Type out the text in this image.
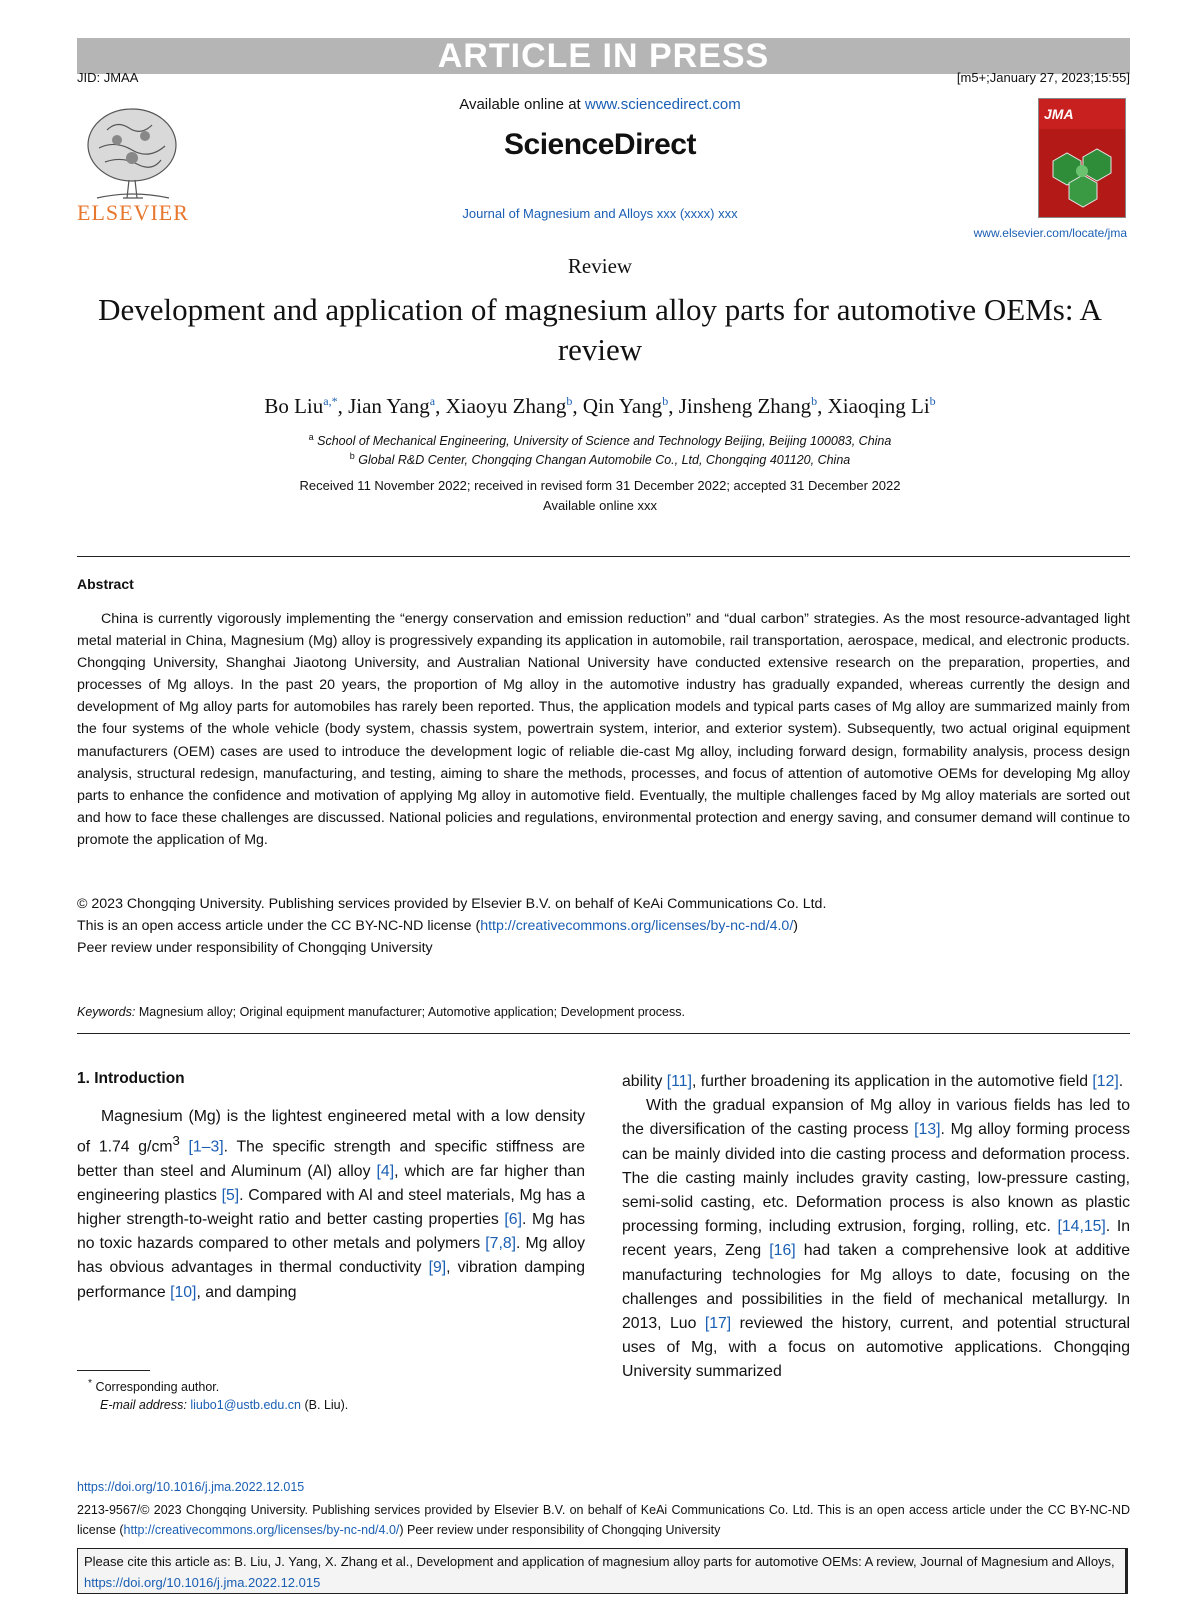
ARTICLE IN PRESS
JID: JMAA	[m5+;January 27, 2023;15:55]
ELSEVIER
Available online at www.sciencedirect.com
ScienceDirect
Journal of Magnesium and Alloys xxx (xxxx) xxx
JMA
www.elsevier.com/locate/jma
Review
Development and application of magnesium alloy parts for automotive OEMs: A review
Bo Liu$^{a,*}$, Jian Yang$^a$, Xiaoyu Zhang$^b$, Qin Yang$^b$, Jinsheng Zhang$^b$, Xiaoqing Li$^b$
$^a$ School of Mechanical Engineering, University of Science and Technology Beijing, Beijing 100083, China
$^b$ Global R&D Center, Chongqing Changan Automobile Co., Ltd, Chongqing 401120, China
Received 11 November 2022; received in revised form 31 December 2022; accepted 31 December 2022
Available online xxx
Abstract
China is currently vigorously implementing the “energy conservation and emission reduction” and “dual carbon” strategies. As the most resource-advantaged light metal material in China, Magnesium (Mg) alloy is progressively expanding its application in automobile, rail transportation, aerospace, medical, and electronic products. Chongqing University, Shanghai Jiaotong University, and Australian National University have conducted extensive research on the preparation, properties, and processes of Mg alloys. In the past 20 years, the proportion of Mg alloy in the automotive industry has gradually expanded, whereas currently the design and development of Mg alloy parts for automobiles has rarely been reported. Thus, the application models and typical parts cases of Mg alloy are summarized mainly from the four systems of the whole vehicle (body system, chassis system, powertrain system, interior, and exterior system). Subsequently, two actual original equipment manufacturers (OEM) cases are used to introduce the development logic of reliable die-cast Mg alloy, including forward design, formability analysis, process design analysis, structural redesign, manufacturing, and testing, aiming to share the methods, processes, and focus of attention of automotive OEMs for developing Mg alloy parts to enhance the confidence and motivation of applying Mg alloy in automotive field. Eventually, the multiple challenges faced by Mg alloy materials are sorted out and how to face these challenges are discussed. National policies and regulations, environmental protection and energy saving, and consumer demand will continue to promote the application of Mg.
© 2023 Chongqing University. Publishing services provided by Elsevier B.V. on behalf of KeAi Communications Co. Ltd.
This is an open access article under the CC BY-NC-ND license (http://creativecommons.org/licenses/by-nc-nd/4.0/)
Peer review under responsibility of Chongqing University
Keywords: Magnesium alloy; Original equipment manufacturer; Automotive application; Development process.
1. Introduction

Magnesium (Mg) is the lightest engineered metal with a low density of 1.74 $g/cm^3$ [1–3]. The specific strength and specific stiffness are better than steel and Aluminum (Al) alloy [4], which are far higher than engineering plastics [5]. Compared with Al and steel materials, Mg has a higher strength-to-weight ratio and better casting properties [6]. Mg has no toxic hazards compared to other metals and polymers [7,8]. Mg alloy has obvious advantages in thermal conductivity [9], vibration damping performance [10], and damping

ability [11], further broadening its application in the automotive field [12].

With the gradual expansion of Mg alloy in various fields has led to the diversification of the casting process [13]. Mg alloy forming process can be mainly divided into die casting process and deformation process. The die casting mainly includes gravity casting, low-pressure casting, semi-solid casting, etc. Deformation process is also known as plastic processing forming, including extrusion, forging, rolling, etc. [14,15]. In recent years, Zeng [16] had taken a comprehensive look at additive manufacturing technologies for Mg alloys to date, focusing on the challenges and possibilities in the field of mechanical metallurgy. In 2013, Luo [17] reviewed the history, current, and potential structural uses of Mg, with a focus on automotive applications. Chongqing University summarized

* Corresponding author.
E-mail address: liubo1@ustb.edu.cn (B. Liu).
https://doi.org/10.1016/j.jma.2022.12.015
2213-9567/© 2023 Chongqing University. Publishing services provided by Elsevier B.V. on behalf of KeAi Communications Co. Ltd. This is an open access article under the CC BY-NC-ND license (http://creativecommons.org/licenses/by-nc-nd/4.0/) Peer review under responsibility of Chongqing University
Please cite this article as: B. Liu, J. Yang, X. Zhang et al., Development and application of magnesium alloy parts for automotive OEMs: A review, Journal of Magnesium and Alloys, https://doi.org/10.1016/j.jma.2022.12.015
